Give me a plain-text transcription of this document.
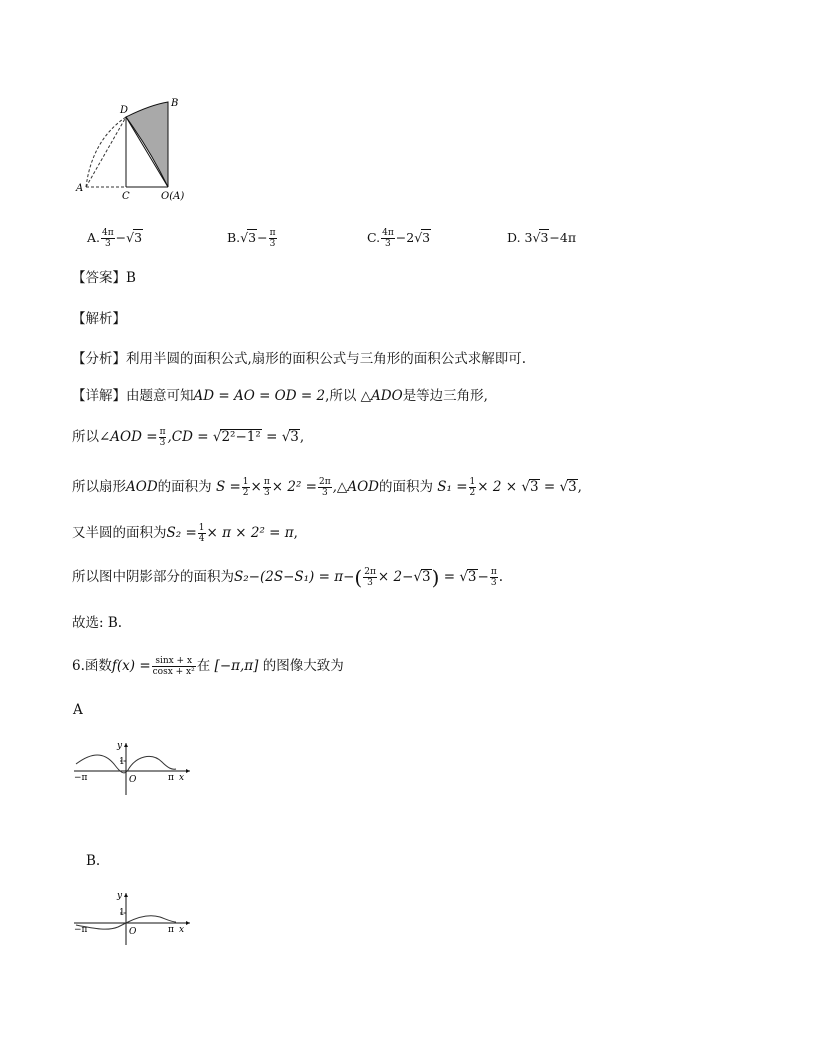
D
B
A
C	O(A)
A. $\frac{4\pi}{3} -√3$	$B.√3- \frac{\pi}{3}$	C. $\frac{4\pi}{3} -2√3$	D. 3√3−4π
【答案】B
【解析】
【分析】利用半圆的面积公式,扇形的面积公式与三角形的面积公式求解即可.
【详解】由题意可知AD = AO = OD = 2,所以 △ADO是等边三角形,
所以∠AOD = $\frac{\pi}{3} ,CD = √2^2-1^2 = √3$,
所以扇形AOD的面积为 $S = \frac{1}{2} \times \frac{\pi}{3} \times 2^2 = \frac{2\pi}{3}$ ,△AOD的面积为 $S_1 = \frac{1}{2} \times 2 \times √3 = √3$,
又半圆的面积为$S_2 = \frac{1}{4} \times \pi \times 2^2 = \pi$,
所以图中阴影部分的面积为$S_2-(2S-S_1) = \pi-( \frac{2\pi}{3} \times 2-√3) = √3- \frac{\pi}{3}$ .
故选: B.
6.函数$f(x) = \frac{\sin x + x}{\text{cosx + x²}}$ 在 [−π,π] 的图像大致为
A
y
1
−π	O	π x
B.
y
1
−π	O	π x
